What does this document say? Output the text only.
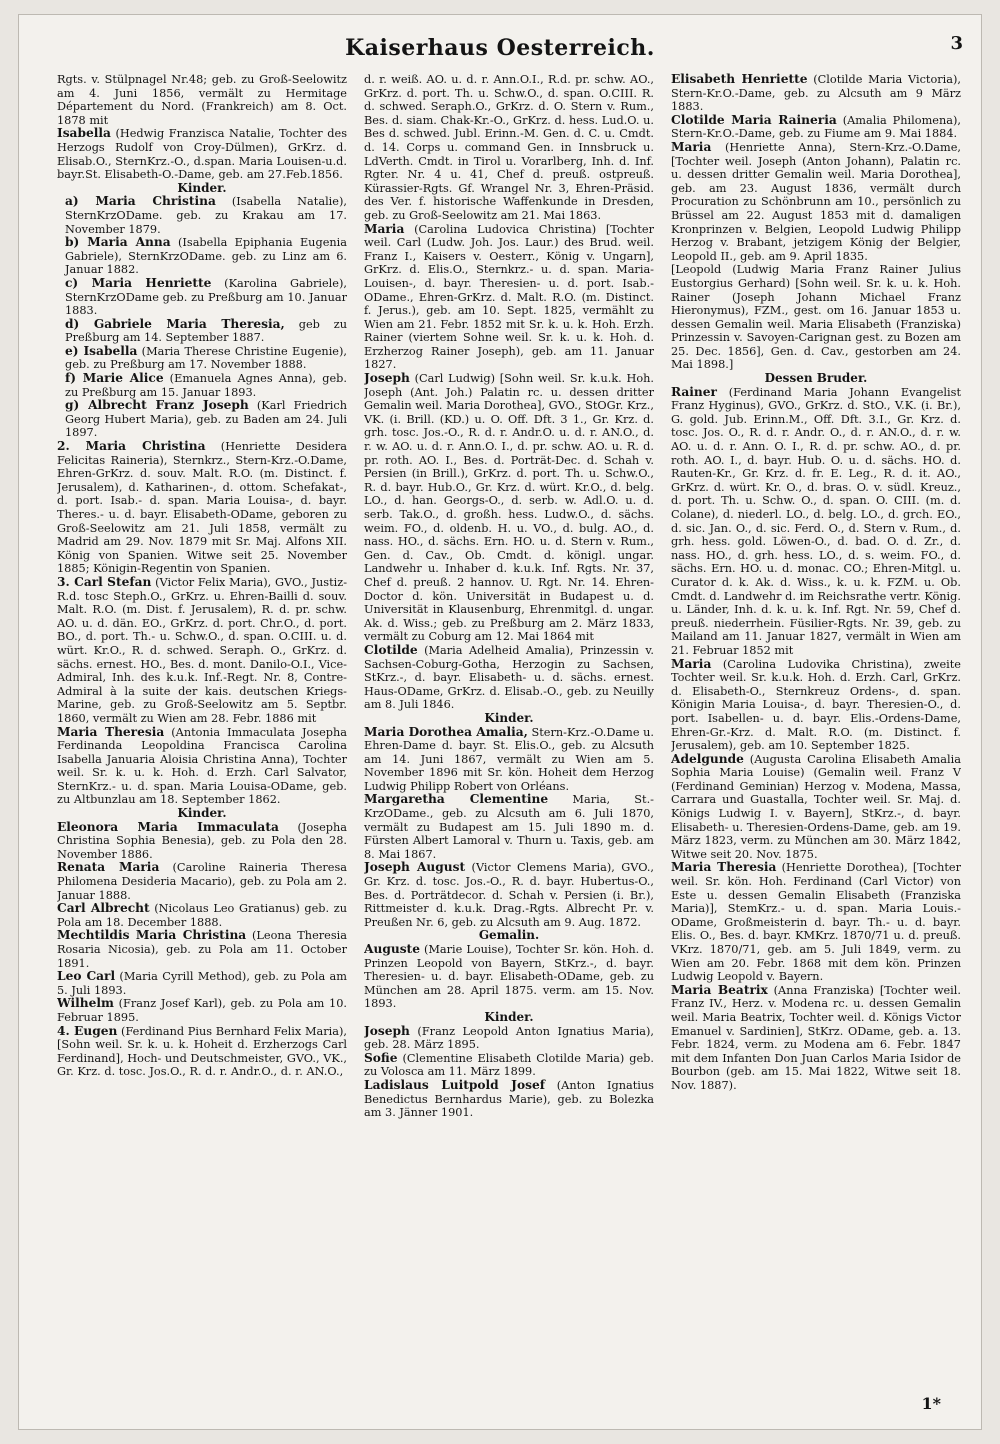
Kaiserhaus Oesterreich.	3

Rgts. v. Stülpnagel Nr.48; geb. zu Groß-Seelowitz am 4. Juni 1856, vermält zu Hermitage Département du Nord. (Frankreich) am 8. Oct. 1878 mit

Isabella (Hedwig Franzisca Natalie, Tochter des Herzogs Rudolf von Croy-Dülmen), GrKrz. d. Elisab.O., SternKrz.-O., d.span. Maria Louisen-u.d. bayr.St. Elisabeth-O.-Dame, geb. am 27.Feb.1856.

Kinder.

a) Maria Christina (Isabella Natalie), SternKrzODame. geb. zu Krakau am 17. November 1879.

b) Maria Anna (Isabella Epiphania Eugenia Gabriele), SternKrzODame. geb. zu Linz am 6. Januar 1882.

c) Maria Henriette (Karolina Gabriele), SternKrzODame geb. zu Preßburg am 10. Januar 1883.

d) Gabriele Maria Theresia, geb zu Preßburg am 14. September 1887.

e) Isabella (Maria Therese Christine Eugenie), geb. zu Preßburg am 17. November 1888.

f) Marie Alice (Emanuela Agnes Anna), geb. zu Preßburg am 15. Januar 1893.

g) Albrecht Franz Joseph (Karl Friedrich Georg Hubert Maria), geb. zu Baden am 24. Juli 1897.

2. Maria Christina (Henriette Desidera Felicitas Raineria), Sternkrz., Stern-Krz.-O.Dame, Ehren-GrKrz. d. souv. Malt. R.O. (m. Distinct. f. Jerusalem), d. Katharinen-, d. ottom. Schefakat-, d. port. Isab.- d. span. Maria Louisa-, d. bayr. Theres.- u. d. bayr. Elisabeth-ODame, geboren zu Groß-Seelowitz am 21. Juli 1858, vermält zu Madrid am 29. Nov. 1879 mit Sr. Maj. Alfons XII. König von Spanien. Witwe seit 25. November 1885; Königin-Regentin von Spanien.

3. Carl Stefan (Victor Felix Maria), GVO., Justiz-R.d. tosc Steph.O., GrKrz. u. Ehren-Bailli d. souv. Malt. R.O. (m. Dist. f. Jerusalem), R. d. pr. schw. AO. u. d. dän. EO., GrKrz. d. port. Chr.O., d. port. BO., d. port. Th.- u. Schw.O., d. span. O.CIII. u. d. würt. Kr.O., R. d. schwed. Seraph. O., GrKrz. d. sächs. ernest. HO., Bes. d. mont. Danilo-O.I., Vice-Admiral, Inh. des k.u.k. Inf.-Regt. Nr. 8, Contre-Admiral à la suite der kais. deutschen Kriegs-Marine, geb. zu Groß-Seelowitz am 5. Septbr. 1860, vermält zu Wien am 28. Febr. 1886 mit

Maria Theresia (Antonia Immaculata Josepha Ferdinanda Leopoldina Francisca Carolina Isabella Januaria Aloisia Christina Anna), Tochter weil. Sr. k. u. k. Hoh. d. Erzh. Carl Salvator, SternKrz.- u. d. span. Maria Louisa-ODame, geb. zu Altbunzlau am 18. September 1862.

Kinder.

Eleonora Maria Immaculata (Josepha Christina Sophia Benesia), geb. zu Pola den 28. November 1886.

Renata Maria (Caroline Raineria Theresa Philomena Desideria Macario), geb. zu Pola am 2. Januar 1888.

Carl Albrecht (Nicolaus Leo Gratianus) geb. zu Pola am 18. December 1888.

Mechtildis Maria Christina (Leona Theresia Rosaria Nicosia), geb. zu Pola am 11. October 1891.

Leo Carl (Maria Cyrill Method), geb. zu Pola am 5. Juli 1893.

Wilhelm (Franz Josef Karl), geb. zu Pola am 10. Februar 1895.

4. Eugen (Ferdinand Pius Bernhard Felix Maria), [Sohn weil. Sr. k. u. k. Hoheit d. Erzherzogs Carl Ferdinand], Hoch- und Deutschmeister, GVO., VK., Gr. Krz. d. tosc. Jos.O., R. d. r. Andr.O., d. r. AN.O.,

d. r. weiß. AO. u. d. r. Ann.O.I., R.d. pr. schw. AO., GrKrz. d. port. Th. u. Schw.O., d. span. O.CIII. R. d. schwed. Seraph.O., GrKrz. d. O. Stern v. Rum., Bes. d. siam. Chak-Kr.-O., GrKrz. d. hess. Lud.O. u. Bes d. schwed. Jubl. Erinn.-M. Gen. d. C. u. Cmdt. d. 14. Corps u. command Gen. in Innsbruck u. LdVerth. Cmdt. in Tirol u. Vorarlberg, Inh. d. Inf. Rgter. Nr. 4 u. 41, Chef d. preuß. ostpreuß. Kürassier-Rgts. Gf. Wrangel Nr. 3, Ehren-Präsid. des Ver. f. historische Waffenkunde in Dresden, geb. zu Groß-Seelowitz am 21. Mai 1863.

Maria (Carolina Ludovica Christina) [Tochter weil. Carl (Ludw. Joh. Jos. Laur.) des Brud. weil. Franz I., Kaisers v. Oesterr., König v. Ungarn], GrKrz. d. Elis.O., Sternkrz.- u. d. span. Maria-Louisen-, d. bayr. Theresien- u. d. port. Isab.-ODame., Ehren-GrKrz. d. Malt. R.O. (m. Distinct. f. Jerus.), geb. am 10. Sept. 1825, vermählt zu Wien am 21. Febr. 1852 mit Sr. k. u. k. Hoh. Erzh. Rainer (viertem Sohne weil. Sr. k. u. k. Hoh. d. Erzherzog Rainer Joseph), geb. am 11. Januar 1827.

Joseph (Carl Ludwig) [Sohn weil. Sr. k.u.k. Hoh. Joseph (Ant. Joh.) Palatin rc. u. dessen dritter Gemalin weil. Maria Dorothea], GVO., StOGr. Krz., VK. (i. Brill. (KD.) u. O. Off. Dft. 3 1., Gr. Krz. d. grh. tosc. Jos.-O., R. d. r. Andr.O. u. d. r. AN.O., d. r. w. AO. u. d. r. Ann.O. I., d. pr. schw. AO. u. R. d. pr. roth. AO. I., Bes. d. Porträt-Dec. d. Schah v. Persien (in Brill.), GrKrz. d. port. Th. u. Schw.O., R. d. bayr. Hub.O., Gr. Krz. d. würt. Kr.O., d. belg. LO., d. han. Georgs-O., d. serb. w. Adl.O. u. d. serb. Tak.O., d. großh. hess. Ludw.O., d. sächs. weim. FO., d. oldenb. H. u. VO., d. bulg. AO., d. nass. HO., d. sächs. Ern. HO. u. d. Stern v. Rum., Gen. d. Cav., Ob. Cmdt. d. königl. ungar. Landwehr u. Inhaber d. k.u.k. Inf. Rgts. Nr. 37, Chef d. preuß. 2 hannov. U. Rgt. Nr. 14. Ehren-Doctor d. kön. Universität in Budapest u. d. Universität in Klausenburg, Ehrenmitgl. d. ungar. Ak. d. Wiss.; geb. zu Preßburg am 2. März 1833, vermält zu Coburg am 12. Mai 1864 mit

Clotilde (Maria Adelheid Amalia), Prinzessin v. Sachsen-Coburg-Gotha, Herzogin zu Sachsen, StKrz.-, d. bayr. Elisabeth- u. d. sächs. ernest. Haus-ODame, GrKrz. d. Elisab.-O., geb. zu Neuilly am 8. Juli 1846.

Kinder.

Maria Dorothea Amalia, Stern-Krz.-O.Dame u. Ehren-Dame d. bayr. St. Elis.O., geb. zu Alcsuth am 14. Juni 1867, vermält zu Wien am 5. November 1896 mit Sr. kön. Hoheit dem Herzog Ludwig Philipp Robert von Orléans.

Margaretha Clementine Maria, St.-KrzODame., geb. zu Alcsuth am 6. Juli 1870, vermält zu Budapest am 15. Juli 1890 m. d. Fürsten Albert Lamoral v. Thurn u. Taxis, geb. am 8. Mai 1867.

Joseph August (Victor Clemens Maria), GVO., Gr. Krz. d. tosc. Jos.-O., R. d. bayr. Hubertus-O., Bes. d. Porträtdecor. d. Schah v. Persien (i. Br.), Rittmeister d. k.u.k. Drag.-Rgts. Albrecht Pr. v. Preußen Nr. 6, geb. zu Alcsuth am 9. Aug. 1872.

Gemalin.

Auguste (Marie Louise), Tochter Sr. kön. Hoh. d. Prinzen Leopold von Bayern, StKrz.-, d. bayr. Theresien- u. d. bayr. Elisabeth-ODame, geb. zu München am 28. April 1875. verm. am 15. Nov. 1893.

Kinder.

Joseph (Franz Leopold Anton Ignatius Maria), geb. 28. März 1895.

Sofie (Clementine Elisabeth Clotilde Maria) geb. zu Volosca am 11. März 1899.

Ladislaus Luitpold Josef (Anton Ignatius Benedictus Bernhardus Marie), geb. zu Bolezka am 3. Jänner 1901.

Elisabeth Henriette (Clotilde Maria Victoria), Stern-Kr.O.-Dame, geb. zu Alcsuth am 9 März 1883.

Clotilde Maria Raineria (Amalia Philomena), Stern-Kr.O.-Dame, geb. zu Fiume am 9. Mai 1884.

Maria (Henriette Anna), Stern-Krz.-O.Dame, [Tochter weil. Joseph (Anton Johann), Palatin rc. u. dessen dritter Gemalin weil. Maria Dorothea], geb. am 23. August 1836, vermält durch Procuration zu Schönbrunn am 10., persönlich zu Brüssel am 22. August 1853 mit d. damaligen Kronprinzen v. Belgien, Leopold Ludwig Philipp Herzog v. Brabant, jetzigem König der Belgier, Leopold II., geb. am 9. April 1835.

[Leopold (Ludwig Maria Franz Rainer Julius Eustorgius Gerhard) [Sohn weil. Sr. k. u. k. Hoh. Rainer (Joseph Johann Michael Franz Hieronymus), FZM., gest. om 16. Januar 1853 u. dessen Gemalin weil. Maria Elisabeth (Franziska) Prinzessin v. Savoyen-Carignan gest. zu Bozen am 25. Dec. 1856], Gen. d. Cav., gestorben am 24. Mai 1898.]

Dessen Bruder.

Rainer (Ferdinand Maria Johann Evangelist Franz Hyginus), GVO., GrKrz. d. StO., V.K. (i. Br.), G. gold. Jub. Erinn.M., Off. Dft. 3.I., Gr. Krz. d. tosc. Jos. O., R. d. r. Andr. O., d. r. AN.O., d. r. w. AO. u. d. r. Ann. O. I., R. d. pr. schw. AO., d. pr. roth. AO. I., d. bayr. Hub. O. u. d. sächs. HO. d. Rauten-Kr., Gr. Krz. d. fr. E. Leg., R. d. it. AO., GrKrz. d. würt. Kr. O., d. bras. O. v. südl. Kreuz., d. port. Th. u. Schw. O., d. span. O. CIII. (m. d. Colane), d. niederl. LO., d. belg. LO., d. grch. EO., d. sic. Jan. O., d. sic. Ferd. O., d. Stern v. Rum., d. grh. hess. gold. Löwen-O., d. bad. O. d. Zr., d. nass. HO., d. grh. hess. LO., d. s. weim. FO., d. sächs. Ern. HO. u. d. monac. CO.; Ehren-Mitgl. u. Curator d. k. Ak. d. Wiss., k. u. k. FZM. u. Ob. Cmdt. d. Landwehr d. im Reichsrathe vertr. König. u. Länder, Inh. d. k. u. k. Inf. Rgt. Nr. 59, Chef d. preuß. niederrhein. Füsilier-Rgts. Nr. 39, geb. zu Mailand am 11. Januar 1827, vermält in Wien am 21. Februar 1852 mit

Maria (Carolina Ludovika Christina), zweite Tochter weil. Sr. k.u.k. Hoh. d. Erzh. Carl, GrKrz. d. Elisabeth-O., Sternkreuz Ordens-, d. span. Königin Maria Louisa-, d. bayr. Theresien-O., d. port. Isabellen- u. d. bayr. Elis.-Ordens-Dame, Ehren-Gr.-Krz. d. Malt. R.O. (m. Distinct. f. Jerusalem), geb. am 10. September 1825.

Adelgunde (Augusta Carolina Elisabeth Amalia Sophia Maria Louise) (Gemalin weil. Franz V (Ferdinand Geminian) Herzog v. Modena, Massa, Carrara und Guastalla, Tochter weil. Sr. Maj. d. Königs Ludwig I. v. Bayern], StKrz.-, d. bayr. Elisabeth- u. Theresien-Ordens-Dame, geb. am 19. März 1823, verm. zu München am 30. März 1842, Witwe seit 20. Nov. 1875.

Maria Theresia (Henriette Dorothea), [Tochter weil. Sr. kön. Hoh. Ferdinand (Carl Victor) von Este u. dessen Gemalin Elisabeth (Franziska Maria)], StemKrz.- u. d. span. Maria Louis.-ODame, Großmeisterin d. bayr. Th.- u. d. bayr. Elis. O., Bes. d. bayr. KMKrz. 1870/71 u. d. preuß. VKrz. 1870/71, geb. am 5. Juli 1849, verm. zu Wien am 20. Febr. 1868 mit dem kön. Prinzen Ludwig Leopold v. Bayern.

Maria Beatrix (Anna Franziska) [Tochter weil. Franz IV., Herz. v. Modena rc. u. dessen Gemalin weil. Maria Beatrix, Tochter weil. d. Königs Victor Emanuel v. Sardinien], StKrz. ODame, geb. a. 13. Febr. 1824, verm. zu Modena am 6. Febr. 1847 mit dem Infanten Don Juan Carlos Maria Isidor de Bourbon (geb. am 15. Mai 1822, Witwe seit 18. Nov. 1887).

1*
